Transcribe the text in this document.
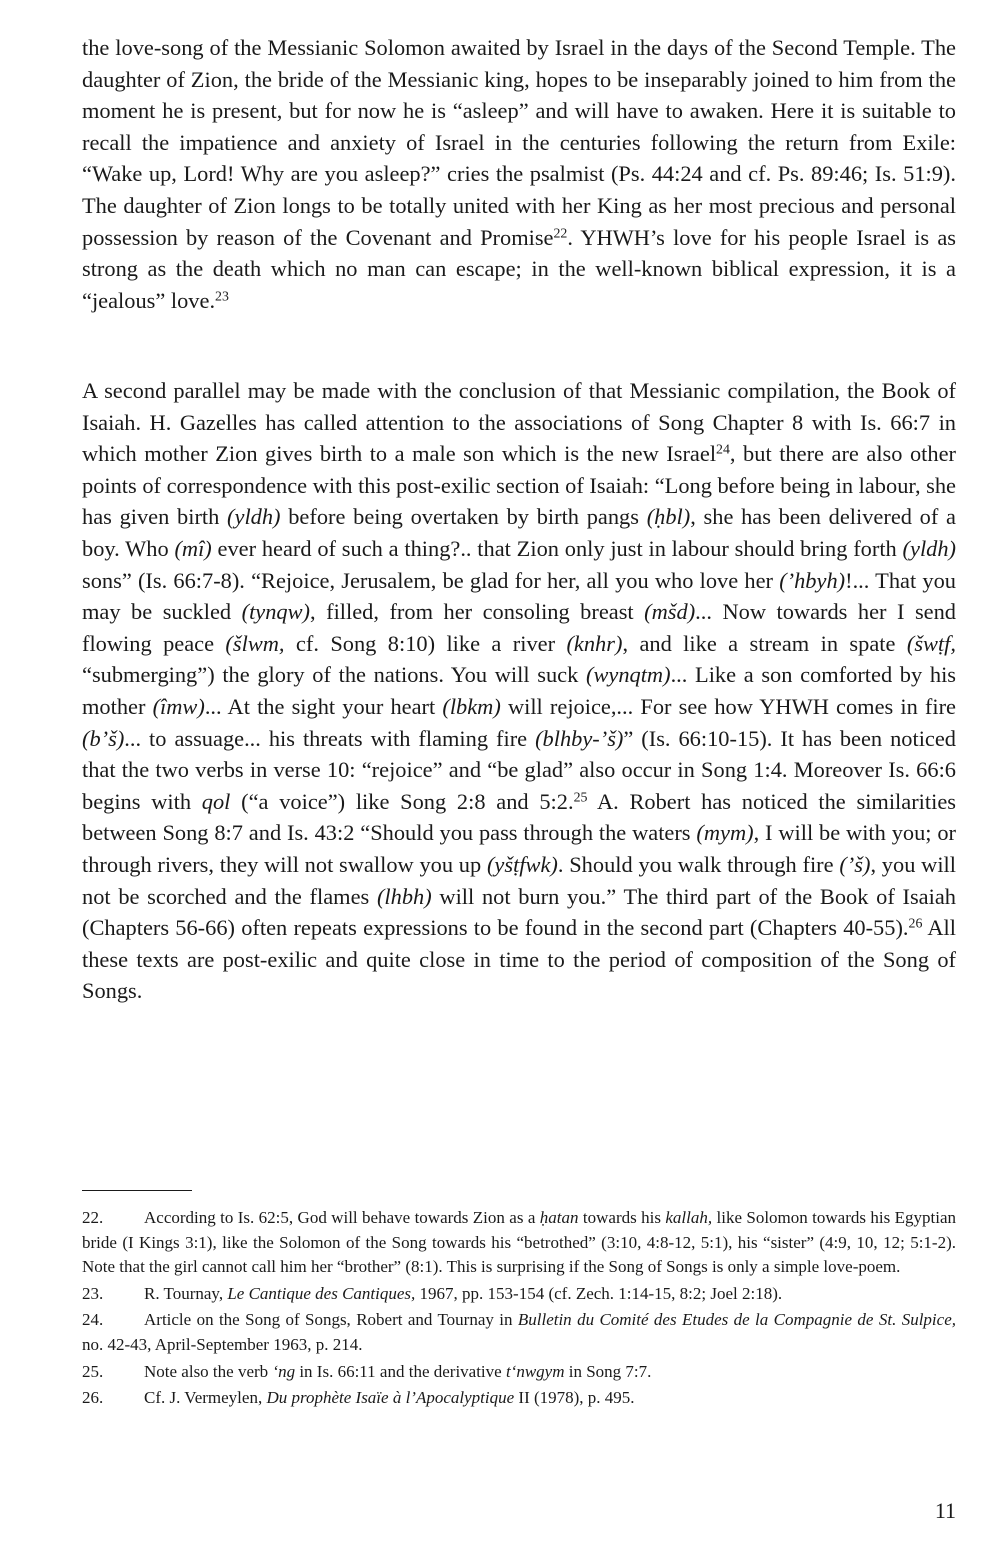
the love-song of the Messianic Solomon awaited by Israel in the days of the Second Temple. The daughter of Zion, the bride of the Messianic king, hopes to be inseparably joined to him from the moment he is present, but for now he is “asleep” and will have to awaken. Here it is suitable to recall the impatience and anxiety of Israel in the centuries following the return from Exile: “Wake up, Lord! Why are you asleep?” cries the psalmist (Ps. 44:24 and cf. Ps. 89:46; Is. 51:9). The daughter of Zion longs to be totally united with her King as her most precious and personal possession by reason of the Covenant and Promise$^{22}$. YHWH’s love for his people Israel is as strong as the death which no man can escape; in the well-known biblical expression, it is a “jealous” love.$^{23}$

A second parallel may be made with the conclusion of that Messianic compilation, the Book of Isaiah. H. Gazelles has called attention to the associations of Song Chapter 8 with Is. 66:7 in which mother Zion gives birth to a male son which is the new Israel$^{24}$, but there are also other points of correspondence with this post-exilic section of Isaiah: “Long before being in labour, she has given birth (yldh) before being overtaken by birth pangs (ḥbl), she has been delivered of a boy. Who (mî) ever heard of such a thing?.. that Zion only just in labour should bring forth (yldh) sons” (Is. 66:7-8). “Rejoice, Jerusalem, be glad for her, all you who love her (’hbyh)!... That you may be suckled (tynqw), filled, from her consoling breast (mšd)... Now towards her I send flowing peace (šlwm, cf. Song 8:10) like a river (knhr), and like a stream in spate (šwṭf, “submerging”) the glory of the nations. You will suck (wynqtm)... Like a son comforted by his mother (îmw)... At the sight your heart (lbkm) will rejoice,... For see how YHWH comes in fire (b’š)... to assuage... his threats with flaming fire (blhby-’š)” (Is. 66:10-15). It has been noticed that the two verbs in verse 10: “rejoice” and “be glad” also occur in Song 1:4. Moreover Is. 66:6 begins with qol (“a voice”) like Song 2:8 and 5:2.25 A. Robert has noticed the similarities between Song 8:7 and Is. 43:2 “Should you pass through the waters (mym), I will be with you; or through rivers, they will not swallow you up (yšṭfwk). Should you walk through fire (’š), you will not be scorched and the flames (lhbh) will not burn you.” The third part of the Book of Isaiah (Chapters 56-66) often repeats expressions to be found in the second part (Chapters 40-55).$^{26}$ All these texts are post-exilic and quite close in time to the period of composition of the Song of Songs.

22. According to Is. 62:5, God will behave towards Zion as a ḥatan towards his kallah, like Solomon towards his Egyptian bride (I Kings 3:1), like the Solomon of the Song towards his “betrothed” (3:10, 4:8-12, 5:1), his “sister” (4:9, 10, 12; 5:1-2). Note that the girl cannot call him her “brother” (8:1). This is surprising if the Song of Songs is only a simple love-poem.
23. R. Tournay, Le Cantique des Cantiques, 1967, pp. 153-154 (cf. Zech. 1:14-15, 8:2; Joel 2:18).
24. Article on the Song of Songs, Robert and Tournay in Bulletin du Comité des Etudes de la Compagnie de St. Sulpice, no. 42-43, April-September 1963, p. 214.
25. Note also the verb ‘ng in Is. 66:11 and the derivative t‘nwgym in Song 7:7.
26. Cf. J. Vermeylen, Du prophète Isaïe à l’Apocalyptique II (1978), p. 495.
11
